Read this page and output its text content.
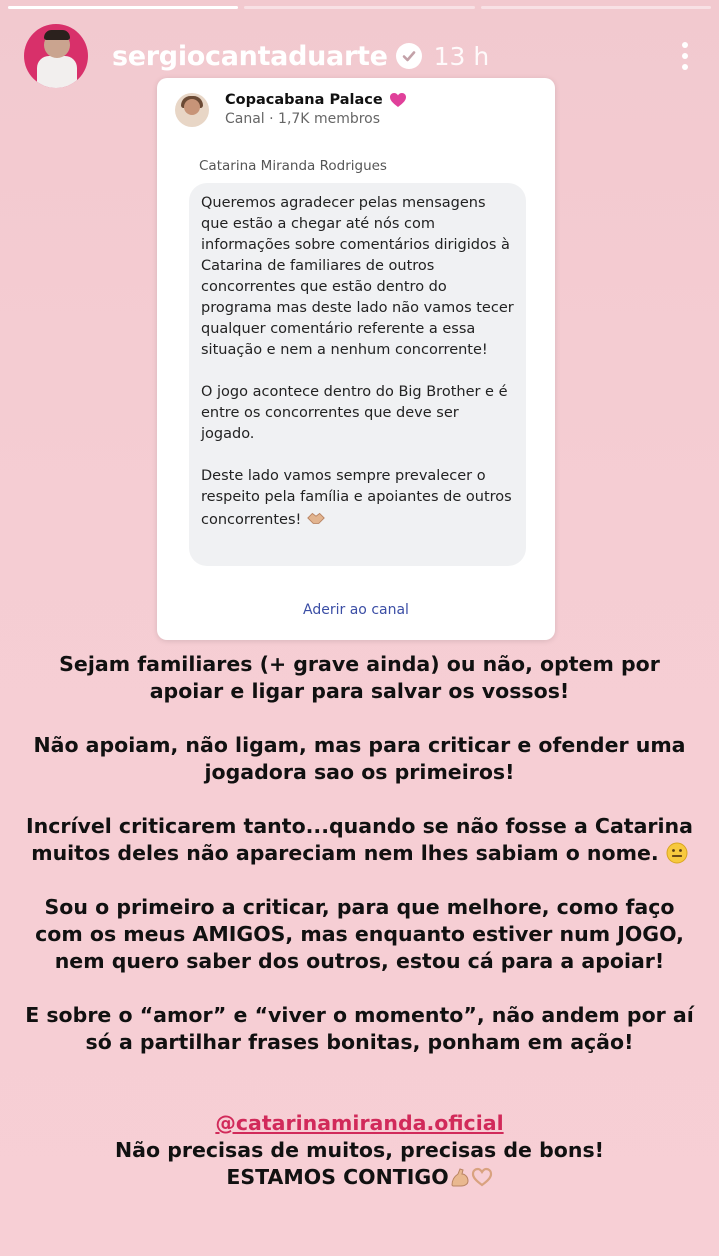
sergiocantaduarte 13 h
Copacabana Palace
Canal · 1,7K membros
Catarina Miranda Rodrigues

Queremos agradecer pelas mensagens que estão a chegar até nós com informações sobre comentários dirigidos à Catarina de familiares de outros concorrentes que estão dentro do programa mas deste lado não vamos tecer qualquer comentário referente a essa situação e nem a nenhum concorrente!

O jogo acontece dentro do Big Brother e é entre os concorrentes que deve ser jogado.

Deste lado vamos sempre prevalecer o respeito pela família e apoiantes de outros concorrentes!

Aderir ao canal

Sejam familiares (+ grave ainda) ou não, optem por apoiar e ligar para salvar os vossos!

Não apoiam, não ligam, mas para criticar e ofender uma jogadora sao os primeiros!

Incrível criticarem tanto...quando se não fosse a Catarina muitos deles não apareciam nem lhes sabiam o nome.

Sou o primeiro a criticar, para que melhore, como faço com os meus AMIGOS, mas enquanto estiver num JOGO, nem quero saber dos outros, estou cá para a apoiar!

E sobre o “amor” e “viver o momento”, não andem por aí só a partilhar frases bonitas, ponham em ação!

@catarinamiranda.oficial
Não precisas de muitos, precisas de bons!
ESTAMOS CONTIGO
